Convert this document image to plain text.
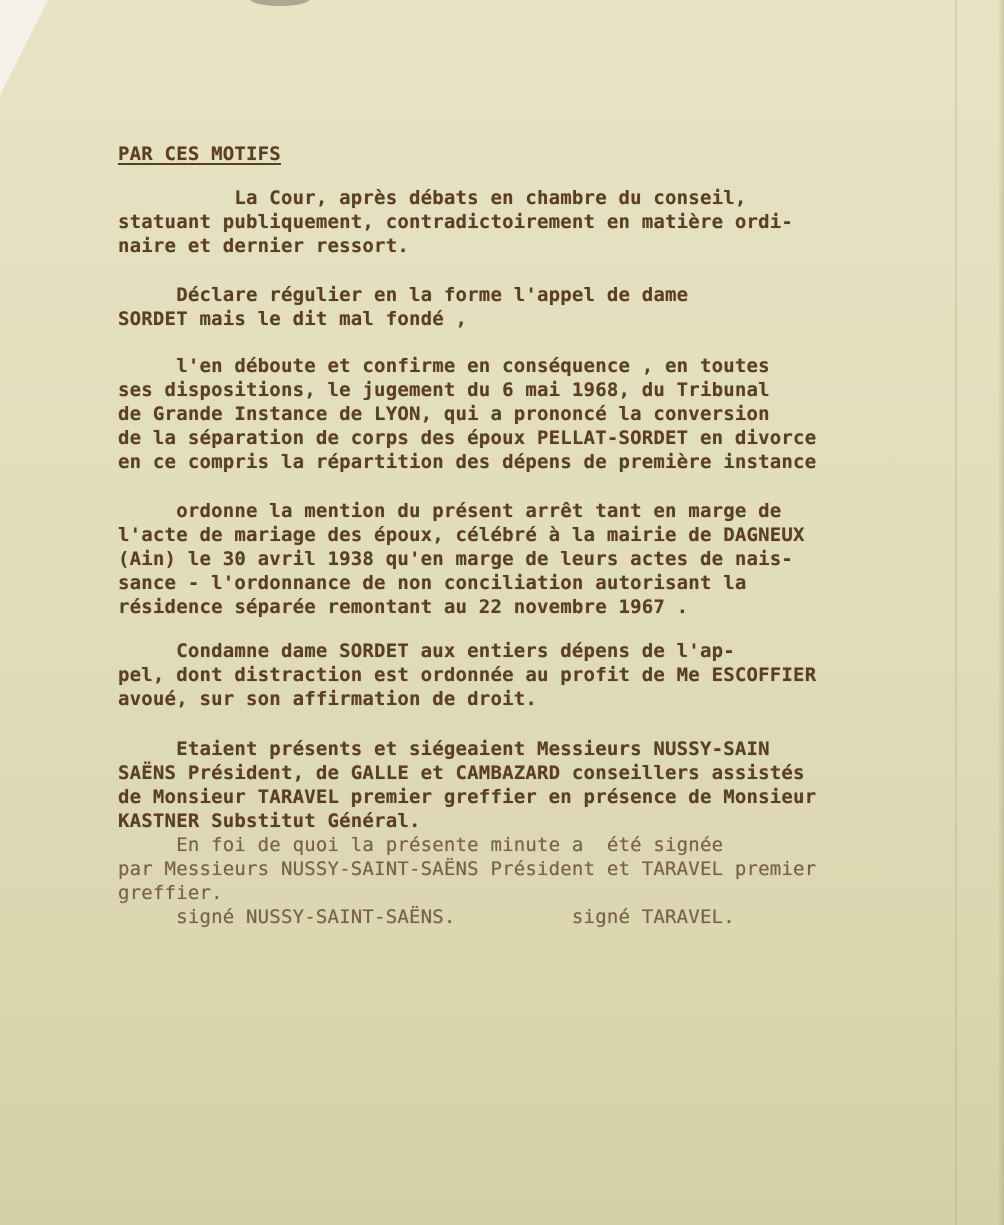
PAR CES MOTIFS
La Cour, après débats en chambre du conseil,
statuant publiquement, contradictoirement en matière ordi-
naire et dernier ressort.
Déclare régulier en la forme l'appel de dame
SORDET mais le dit mal fondé ,
l'en déboute et confirme en conséquence , en toutes
ses dispositions, le jugement du 6 mai 1968, du Tribunal
de Grande Instance de LYON, qui a prononcé la conversion
de la séparation de corps des époux PELLAT-SORDET en divorce
en ce compris la répartition des dépens de première instance
ordonne la mention du présent arrêt tant en marge de
l'acte de mariage des époux, célébré à la mairie de DAGNEUX
(Ain) le 30 avril 1938 qu'en marge de leurs actes de nais-
sance - l'ordonnance de non conciliation autorisant la
résidence séparée remontant au 22 novembre 1967 .
Condamne dame SORDET aux entiers dépens de l'ap-
pel, dont distraction est ordonnée au profit de Me ESCOFFIER
avoué, sur son affirmation de droit.
Etaient présents et siégeaient Messieurs NUSSY-SAIN
SAËNS Président, de GALLE et CAMBAZARD conseillers assistés
de Monsieur TARAVEL premier greffier en présence de Monsieur
KASTNER Substitut Général.
En foi de quoi la présente minute a  été signée
par Messieurs NUSSY-SAINT-SAËNS Président et TARAVEL premier
greffier.
signé NUSSY-SAINT-SAËNS.          signé TARAVEL.
